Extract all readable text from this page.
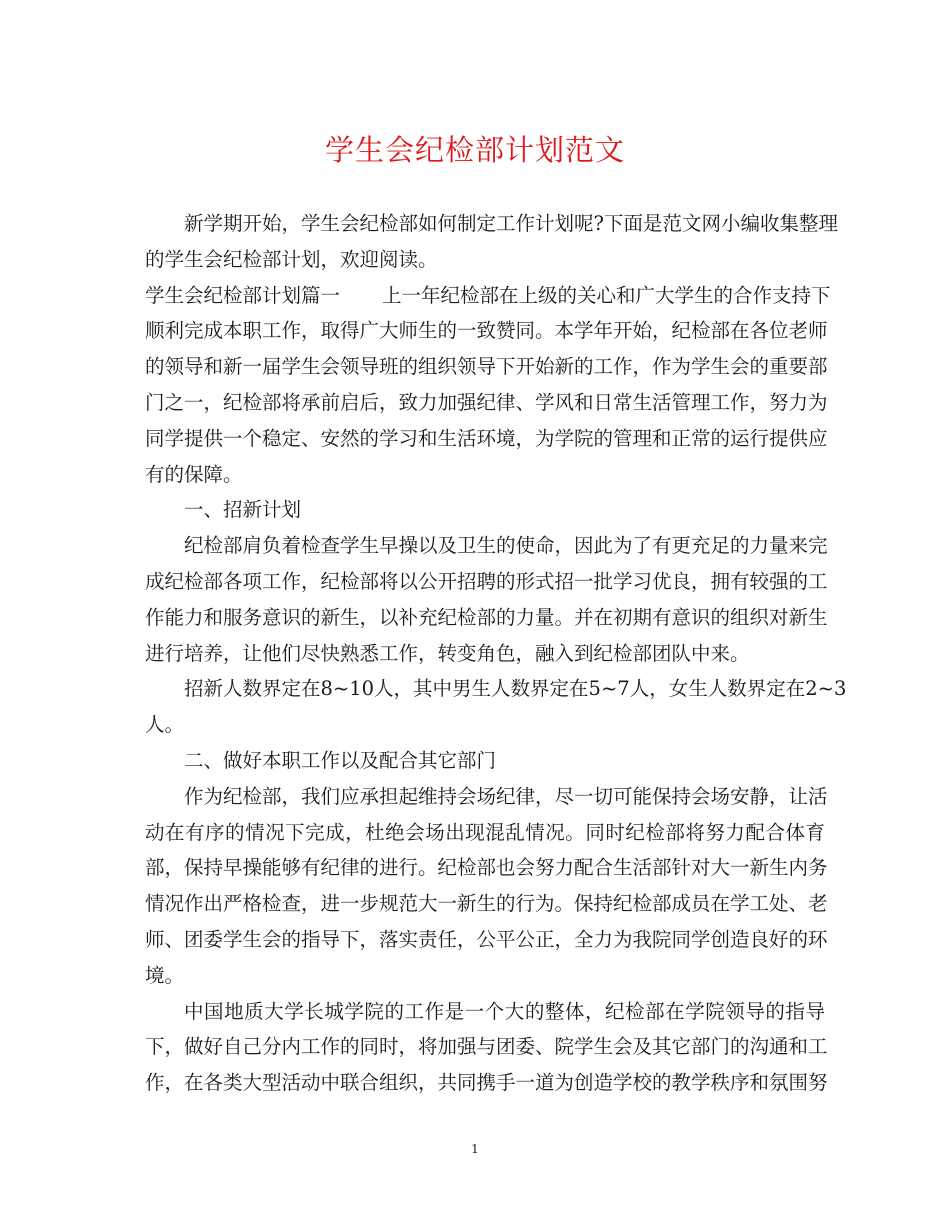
学生会纪检部计划范文
新学期开始，学生会纪检部如何制定工作计划呢?下面是范文网小编收集整理
的学生会纪检部计划，欢迎阅读。
学生会纪检部计划篇一 上一年纪检部在上级的关心和广大学生的合作支持下
顺利完成本职工作，取得广大师生的一致赞同。本学年开始，纪检部在各位老师
的领导和新一届学生会领导班的组织领导下开始新的工作，作为学生会的重要部
门之一，纪检部将承前启后，致力加强纪律、学风和日常生活管理工作，努力为
同学提供一个稳定、安然的学习和生活环境，为学院的管理和正常的运行提供应
有的保障。
一、招新计划
纪检部肩负着检查学生早操以及卫生的使命，因此为了有更充足的力量来完
成纪检部各项工作，纪检部将以公开招聘的形式招一批学习优良，拥有较强的工
作能力和服务意识的新生，以补充纪检部的力量。并在初期有意识的组织对新生
进行培养，让他们尽快熟悉工作，转变角色，融入到纪检部团队中来。
招新人数界定在8~10人，其中男生人数界定在5~7人，女生人数界定在2~3
人。
二、做好本职工作以及配合其它部门
作为纪检部，我们应承担起维持会场纪律，尽一切可能保持会场安静，让活
动在有序的情况下完成，杜绝会场出现混乱情况。同时纪检部将努力配合体育
部，保持早操能够有纪律的进行。纪检部也会努力配合生活部针对大一新生内务
情况作出严格检查，进一步规范大一新生的行为。保持纪检部成员在学工处、老
师、团委学生会的指导下，落实责任，公平公正，全力为我院同学创造良好的环
境。
中国地质大学长城学院的工作是一个大的整体，纪检部在学院领导的指导
下，做好自己分内工作的同时，将加强与团委、院学生会及其它部门的沟通和工
作，在各类大型活动中联合组织，共同携手一道为创造学校的教学秩序和氛围努
1
